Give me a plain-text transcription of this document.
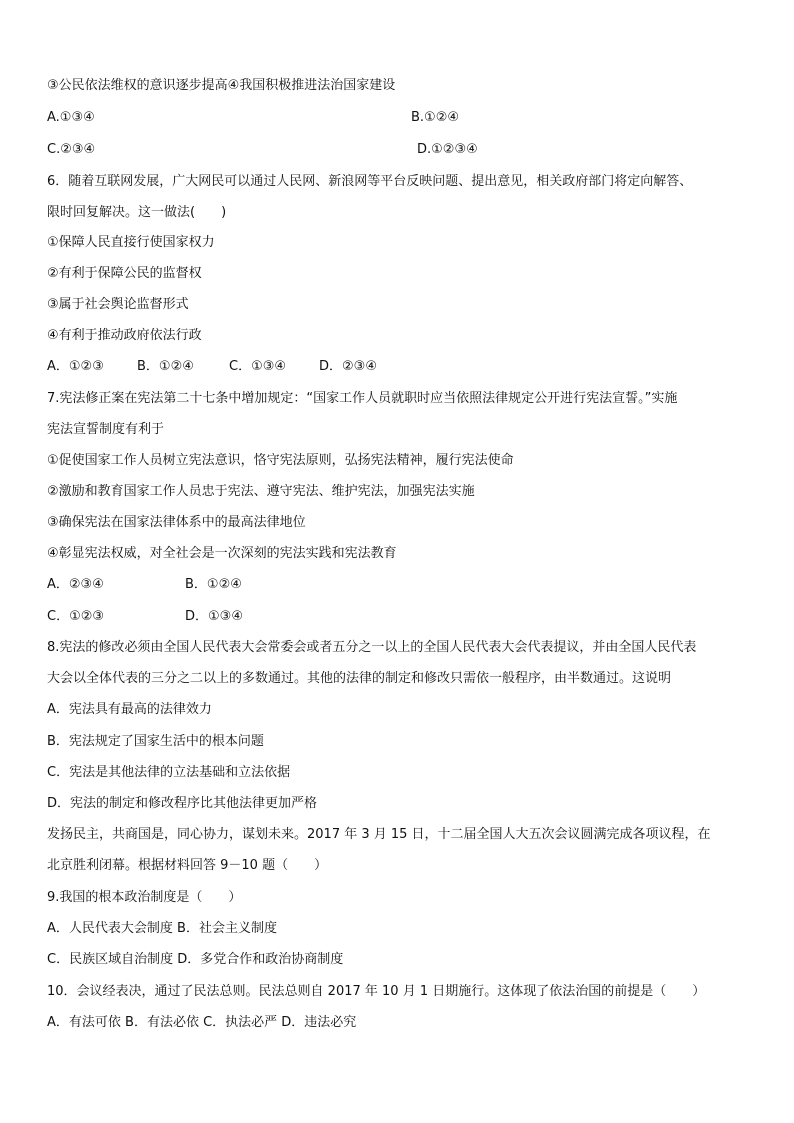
③公民依法维权的意识逐步提高④我国积极推进法治国家建设
A.①③④	B.①②④
C.②③④	D.①②③④
6．随着互联网发展，广大网民可以通过人民网、新浪网等平台反映问题、提出意见，相关政府部门将定向解答、
限时回复解决。这一做法(　　)
①保障人民直接行使国家权力
②有利于保障公民的监督权
③属于社会舆论监督形式
④有利于推动政府依法行政
A．①②③	B．①②④	C．①③④	D．②③④
7.宪法修正案在宪法第二十七条中增加规定：“国家工作人员就职时应当依照法律规定公开进行宪法宣誓。”实施
宪法宣誓制度有利于
①促使国家工作人员树立宪法意识，恪守宪法原则，弘扬宪法精神，履行宪法使命
②激励和教育国家工作人员忠于宪法、遵守宪法、维护宪法，加强宪法实施
③确保宪法在国家法律体系中的最高法律地位
④彰显宪法权威，对全社会是一次深刻的宪法实践和宪法教育
A．②③④	B．①②④
C．①②③	D．①③④
8.宪法的修改必须由全国人民代表大会常委会或者五分之一以上的全国人民代表大会代表提议，并由全国人民代表
大会以全体代表的三分之二以上的多数通过。其他的法律的制定和修改只需依一般程序，由半数通过。这说明
A．宪法具有最高的法律效力
B．宪法规定了国家生活中的根本问题
C．宪法是其他法律的立法基础和立法依据
D．宪法的制定和修改程序比其他法律更加严格
发扬民主，共商国是，同心协力，谋划未来。2017 年 3 月 15 日，十二届全国人大五次会议圆满完成各项议程，在
北京胜利闭幕。根据材料回答 9－10 题（　　）
9.我国的根本政治制度是（　　）
A．人民代表大会制度 B．社会主义制度
C．民族区域自治制度 D．多党合作和政治协商制度
10．会议经表决，通过了民法总则。民法总则自 2017 年 10 月 1 日期施行。这体现了依法治国的前提是（　　）
A．有法可依 B．有法必依 C．执法必严 D．违法必究
